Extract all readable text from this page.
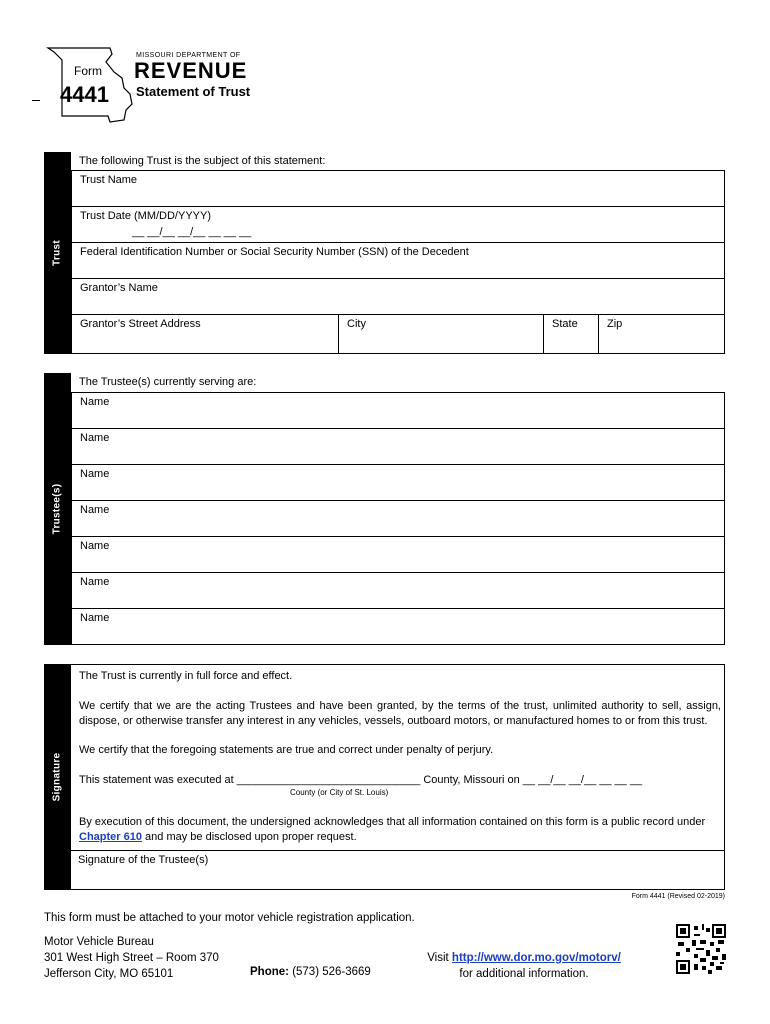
Form
4441
MISSOURI DEPARTMENT OF
REVENUE
Statement of Trust
Trust
The following Trust is the subject of this statement:
Trust Name
Trust Date (MM/DD/YYYY)
__ __/__ __/__ __ __ __
Federal Identification Number or Social Security Number (SSN) of the Decedent
Grantor’s Name
Grantor’s Street Address	City	State	Zip
Trustee(s)
The Trustee(s) currently serving are:
Name
Name
Name
Name
Name
Name
Name
Signature
The Trust is currently in full force and effect.
We certify that we are the acting Trustees and have been granted, by the terms of the trust, unlimited authority to sell, assign, dispose, or otherwise transfer any interest in any vehicles, vessels, outboard motors, or manufactured homes to or from this trust.
We certify that the foregoing statements are true and correct under penalty of perjury.
This statement was executed at ______________________________ County, Missouri on __ __/__ __/__ __ __ __
County (or City of St. Louis)
By execution of this document, the undersigned acknowledges that all information contained on this form is a public record under Chapter 610 and may be disclosed upon proper request.
Signature of the Trustee(s)
Form 4441 (Revised 02-2019)
This form must be attached to your motor vehicle registration application.
Motor Vehicle Bureau
301 West High Street – Room 370
Jefferson City, MO 65101	Phone: (573) 526-3669
Visit http://www.dor.mo.gov/motorv/
for additional information.
